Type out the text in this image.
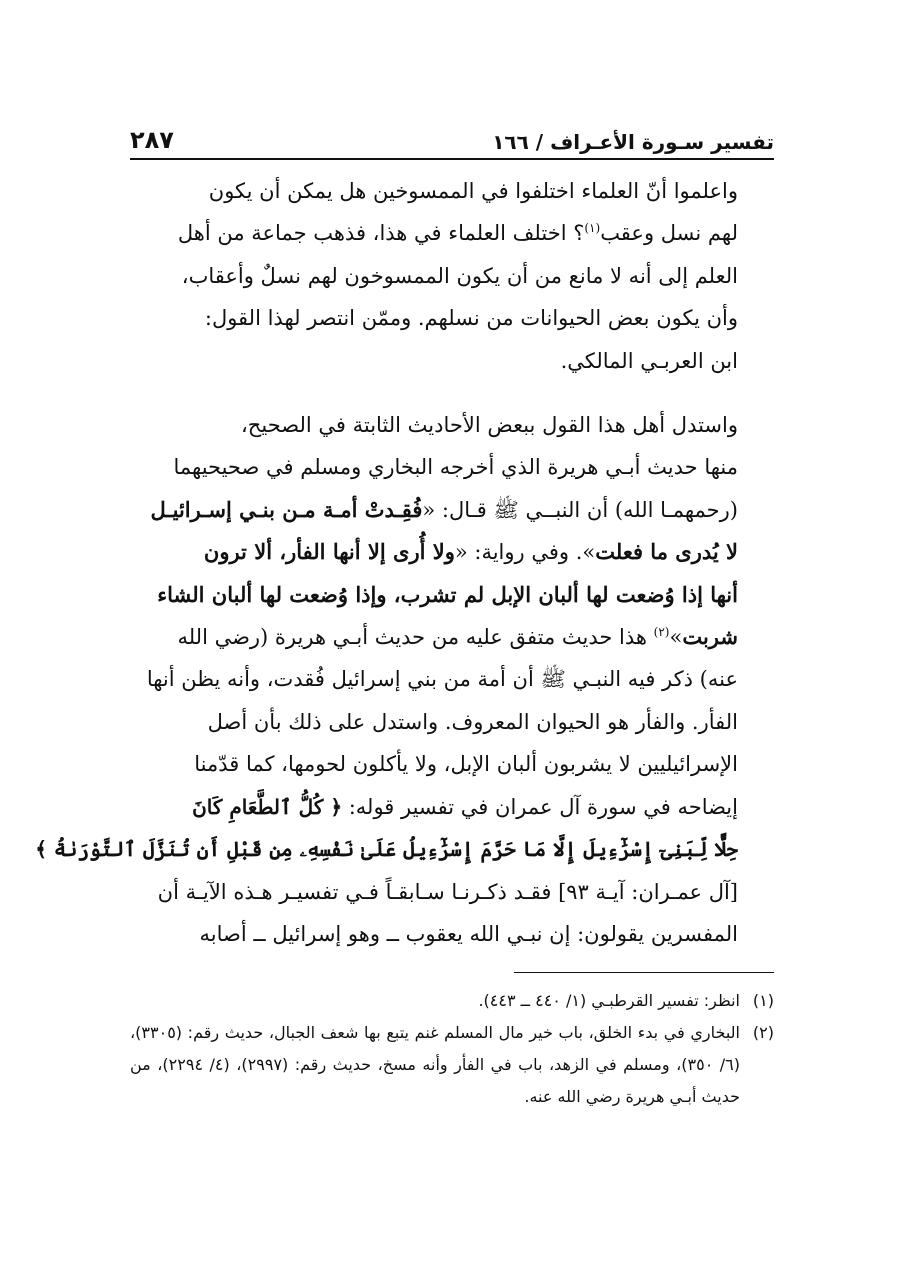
تفسير سـورة الأعـراف / ١٦٦
٢٨٧

واعلموا أنّ العلماء اختلفوا في الممسوخين هل يمكن أن يكون
لهم نسل وعقب$^{(١)}$؟ اختلف العلماء في هذا، فذهب جماعة من أهل
العلم إلى أنه لا مانع من أن يكون الممسوخون لهم نسلٌ وأعقاب،
وأن يكون بعض الحيوانات من نسلهم. وممّن انتصر لهذا القول:
ابن العربـي المالكي.

واستدل أهل هذا القول ببعض الأحاديث الثابتة في الصحيح،
منها حديث أبـي هريرة الذي أخرجه البخاري ومسلم في صحيحيهما
(رحمهمـا الله) أن النبــي ﷺ قـال: «فُقِـدتْ أمـة مـن بنـي إسـرائيـل
لا يُدرى ما فعلت». وفي رواية: «ولا أُرى إلا أنها الفأر، ألا ترون
أنها إذا وُضعت لها ألبان الإبل لم تشرب، وإذا وُضعت لها ألبان الشاء
شربت»$^{(٢)}$ هذا حديث متفق عليه من حديث أبـي هريرة (رضي الله
عنه) ذكر فيه النبـي ﷺ أن أمة من بني إسرائيل فُقدت، وأنه يظن أنها
الفأر. والفأر هو الحيوان المعروف. واستدل على ذلك بأن أصل
الإسرائيليين لا يشربون ألبان الإبل، ولا يأكلون لحومها، كما قدّمنا
إيضاحه في سورة آل عمران في تفسير قوله: ﴿ كُلُّ ٱلطَّعَامِ كَانَ
حِلًّا لِّبَنِىٓ إِسْرَٰٓءِيلَ إِلَّا مَا حَرَّمَ إِسْرَٰٓءِيلُ عَلَىٰ نَفْسِهِۦ مِن قَبْلِ أَن تُنَزَّلَ ٱلتَّوْرَىٰةُ ﴾
[آل عمـران: آيـة ٩٣] فقـد ذكـرنـا سـابقـاً فـي تفسيـر هـذه الآيـة أن
المفسرين يقولون: إن نبـي الله يعقوب ــ وهو إسرائيل ــ أصابه

(١)
انظر: تفسير القرطبـي (١/ ٤٤٠ ــ ٤٤٣).
(٢)
البخاري في بدء الخلق، باب خير مال المسلم غنم يتبع بها شعف الجبال، حديث رقم: (٣٣٠٥)، (٦/ ٣٥٠)، ومسلم في الزهد، باب في الفأر وأنه مسخ، حديث رقم: (٢٩٩٧)، (٤/ ٢٢٩٤)، من حديث أبـي هريرة رضي الله عنه.
